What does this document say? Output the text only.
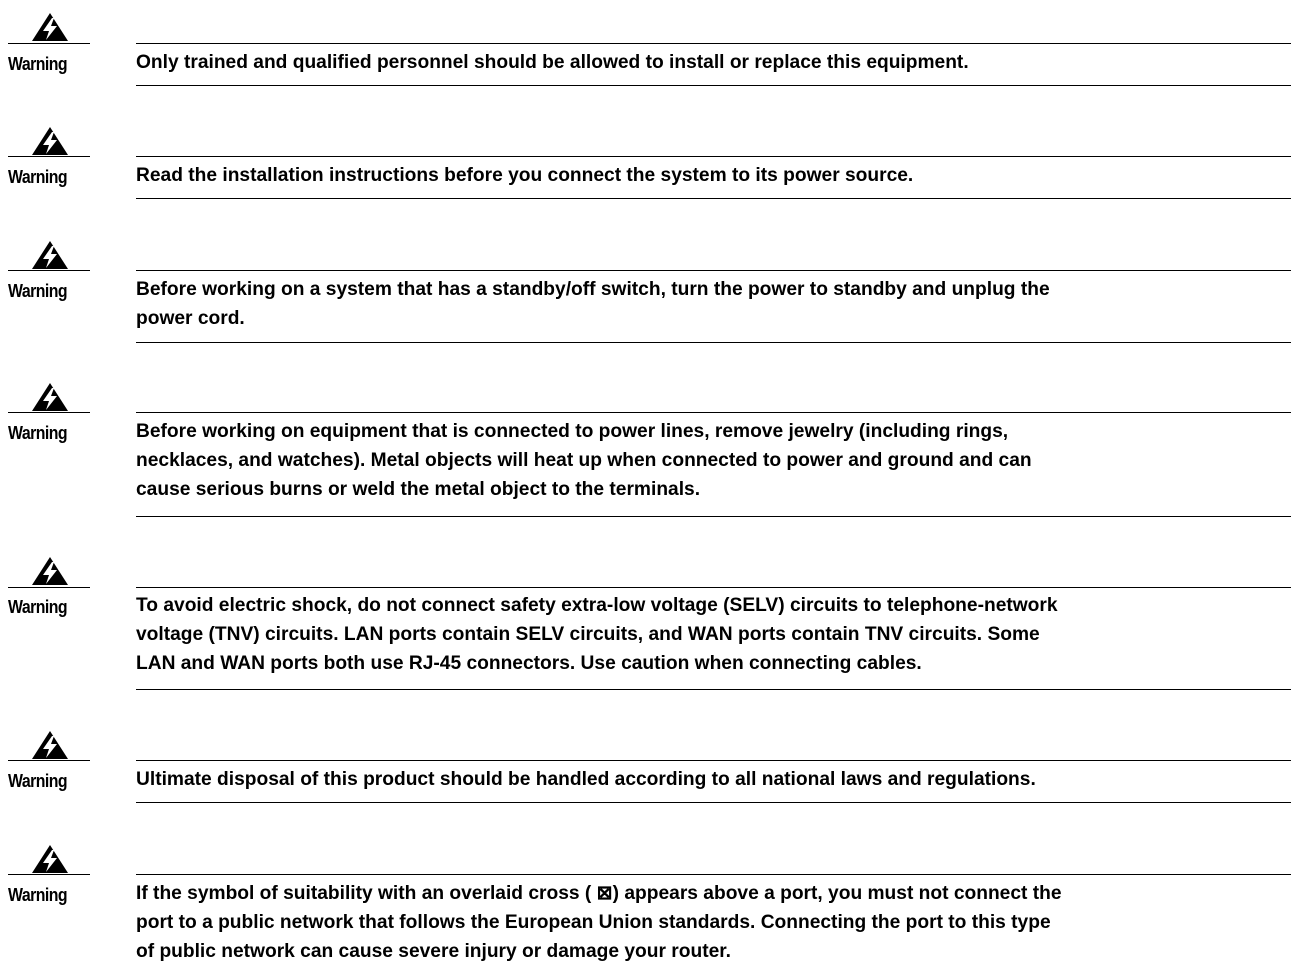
Warning	Only trained and qualified personnel should be allowed to install or replace this equipment.
Warning	Read the installation instructions before you connect the system to its power source.
Warning	Before working on a system that has a standby/off switch, turn the power to standby and unplug the
power cord.
Warning	Before working on equipment that is connected to power lines, remove jewelry (including rings,
necklaces, and watches). Metal objects will heat up when connected to power and ground and can
cause serious burns or weld the metal object to the terminals.
Warning	To avoid electric shock, do not connect safety extra-low voltage (SELV) circuits to telephone-network
voltage (TNV) circuits. LAN ports contain SELV circuits, and WAN ports contain TNV circuits. Some
LAN and WAN ports both use RJ-45 connectors. Use caution when connecting cables.
Warning	Ultimate disposal of this product should be handled according to all national laws and regulations.
Warning	If the symbol of suitability with an overlaid cross ( ⊠) appears above a port, you must not connect the
port to a public network that follows the European Union standards. Connecting the port to this type
of public network can cause severe injury or damage your router.
